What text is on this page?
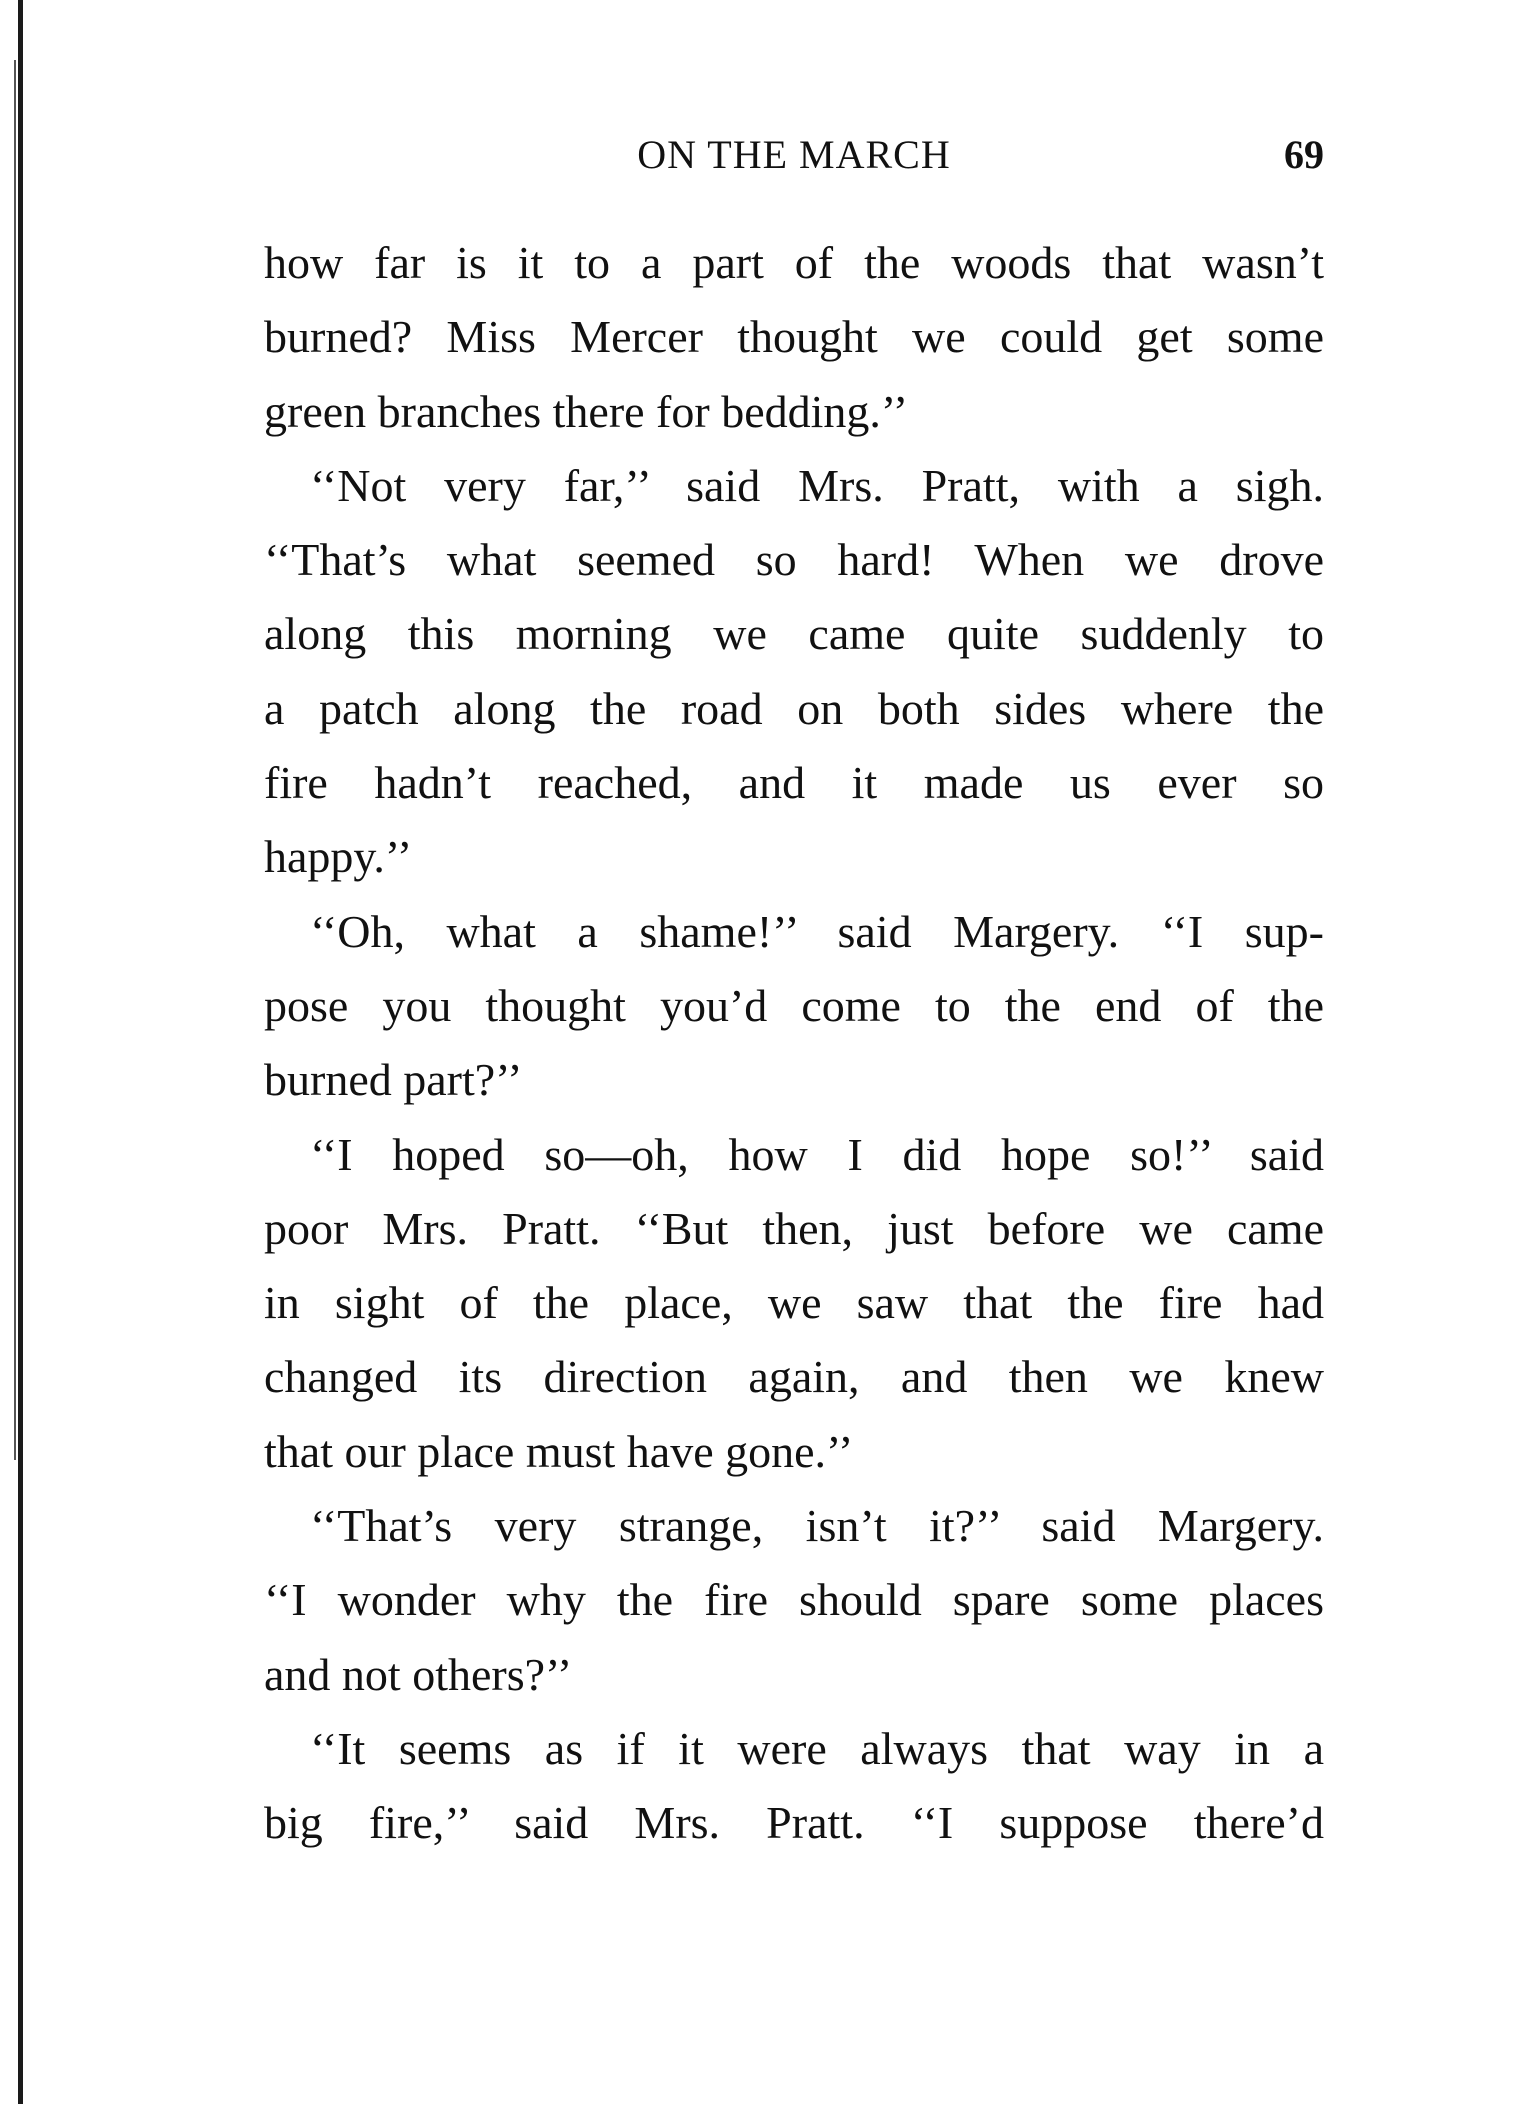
ON THE MARCH	69
how far is it to a part of the woods that wasn’t
burned? Miss Mercer thought we could get some
green branches there for bedding.’’
‘‘Not very far,’’ said Mrs. Pratt, with a sigh.
‘‘That’s what seemed so hard! When we drove
along this morning we came quite suddenly to
a patch along the road on both sides where the
fire hadn’t reached, and it made us ever so
happy.’’
‘‘Oh, what a shame!’’ said Margery. ‘‘I sup-
pose you thought you’d come to the end of the
burned part?’’
‘‘I hoped so—oh, how I did hope so!’’ said
poor Mrs. Pratt. ‘‘But then, just before we came
in sight of the place, we saw that the fire had
changed its direction again, and then we knew
that our place must have gone.’’
‘‘That’s very strange, isn’t it?’’ said Margery.
‘‘I wonder why the fire should spare some places
and not others?’’
‘‘It seems as if it were always that way in a
big fire,’’ said Mrs. Pratt. ‘‘I suppose there’d
